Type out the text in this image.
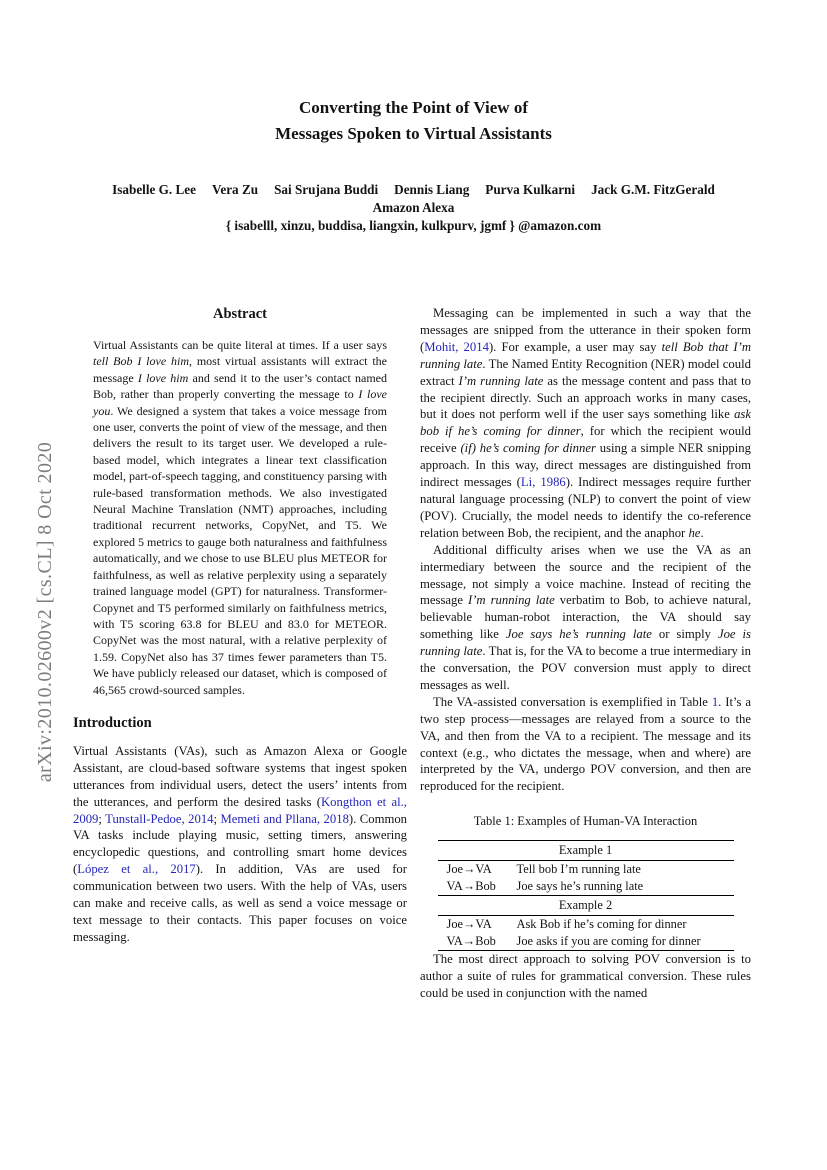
arXiv:2010.02600v2 [cs.CL] 8 Oct 2020
Converting the Point of View of
Messages Spoken to Virtual Assistants
Isabelle G. Lee Vera Zu Sai Srujana Buddi Dennis Liang Purva Kulkarni Jack G.M. FitzGerald
Amazon Alexa
{ isabelll, xinzu, buddisa, liangxin, kulkpurv, jgmf } @amazon.com
Abstract

Virtual Assistants can be quite literal at times. If a user says tell Bob I love him, most virtual assistants will extract the message I love him and send it to the user’s contact named Bob, rather than properly converting the message to I love you. We designed a system that takes a voice message from one user, converts the point of view of the message, and then delivers the result to its target user. We developed a rule-based model, which integrates a linear text classification model, part-of-speech tagging, and constituency parsing with rule-based transformation methods. We also investigated Neural Machine Translation (NMT) approaches, including traditional recurrent networks, CopyNet, and T5. We explored 5 metrics to gauge both naturalness and faithfulness automatically, and we chose to use BLEU plus METEOR for faithfulness, as well as relative perplexity using a separately trained language model (GPT) for naturalness. Transformer-Copynet and T5 performed similarly on faithfulness metrics, with T5 scoring 63.8 for BLEU and 83.0 for METEOR. CopyNet was the most natural, with a relative perplexity of 1.59. CopyNet also has 37 times fewer parameters than T5. We have publicly released our dataset, which is composed of 46,565 crowd-sourced samples.

Introduction

Virtual Assistants (VAs), such as Amazon Alexa or Google Assistant, are cloud-based software systems that ingest spoken utterances from individual users, detect the users’ intents from the utterances, and perform the desired tasks (Kongthon et al., 2009; Tunstall-Pedoe, 2014; Memeti and Pllana, 2018). Common VA tasks include playing music, setting timers, answering encyclopedic questions, and controlling smart home devices (López et al., 2017). In addition, VAs are used for communication between two users. With the help of VAs, users can make and receive calls, as well as send a voice message or text message to their contacts. This paper focuses on voice messaging.

Messaging can be implemented in such a way that the messages are snipped from the utterance in their spoken form (Mohit, 2014). For example, a user may say tell Bob that I’m running late. The Named Entity Recognition (NER) model could extract I’m running late as the message content and pass that to the recipient directly. Such an approach works in many cases, but it does not perform well if the user says something like ask bob if he’s coming for dinner, for which the recipient would receive (if) he’s coming for dinner using a simple NER snipping approach. In this way, direct messages are distinguished from indirect messages (Li, 1986). Indirect messages require further natural language processing (NLP) to convert the point of view (POV). Crucially, the model needs to identify the co-reference relation between Bob, the recipient, and the anaphor he.

Additional difficulty arises when we use the VA as an intermediary between the source and the recipient of the message, not simply a voice machine. Instead of reciting the message I’m running late verbatim to Bob, to achieve natural, believable human-robot interaction, the VA should say something like Joe says he’s running late or simply Joe is running late. That is, for the VA to become a true intermediary in the conversation, the POV conversion must apply to direct messages as well.

The VA-assisted conversation is exemplified in Table 1. It’s a two step process—messages are relayed from a source to the VA, and then from the VA to a recipient. The message and its context (e.g., who dictates the message, when and where) are interpreted by the VA, undergo POV conversion, and then are reproduced for the recipient.

Table 1: Examples of Human-VA Interaction
Example 1	
Joe→VA	Tell bob I’m running late
VA→Bob	Joe says he’s running late
Example 2	
Joe→VA	Ask Bob if he’s coming for dinner
VA→Bob	Joe asks if you are coming for dinner

The most direct approach to solving POV conversion is to author a suite of rules for grammatical conversion. These rules could be used in conjunction with the named
